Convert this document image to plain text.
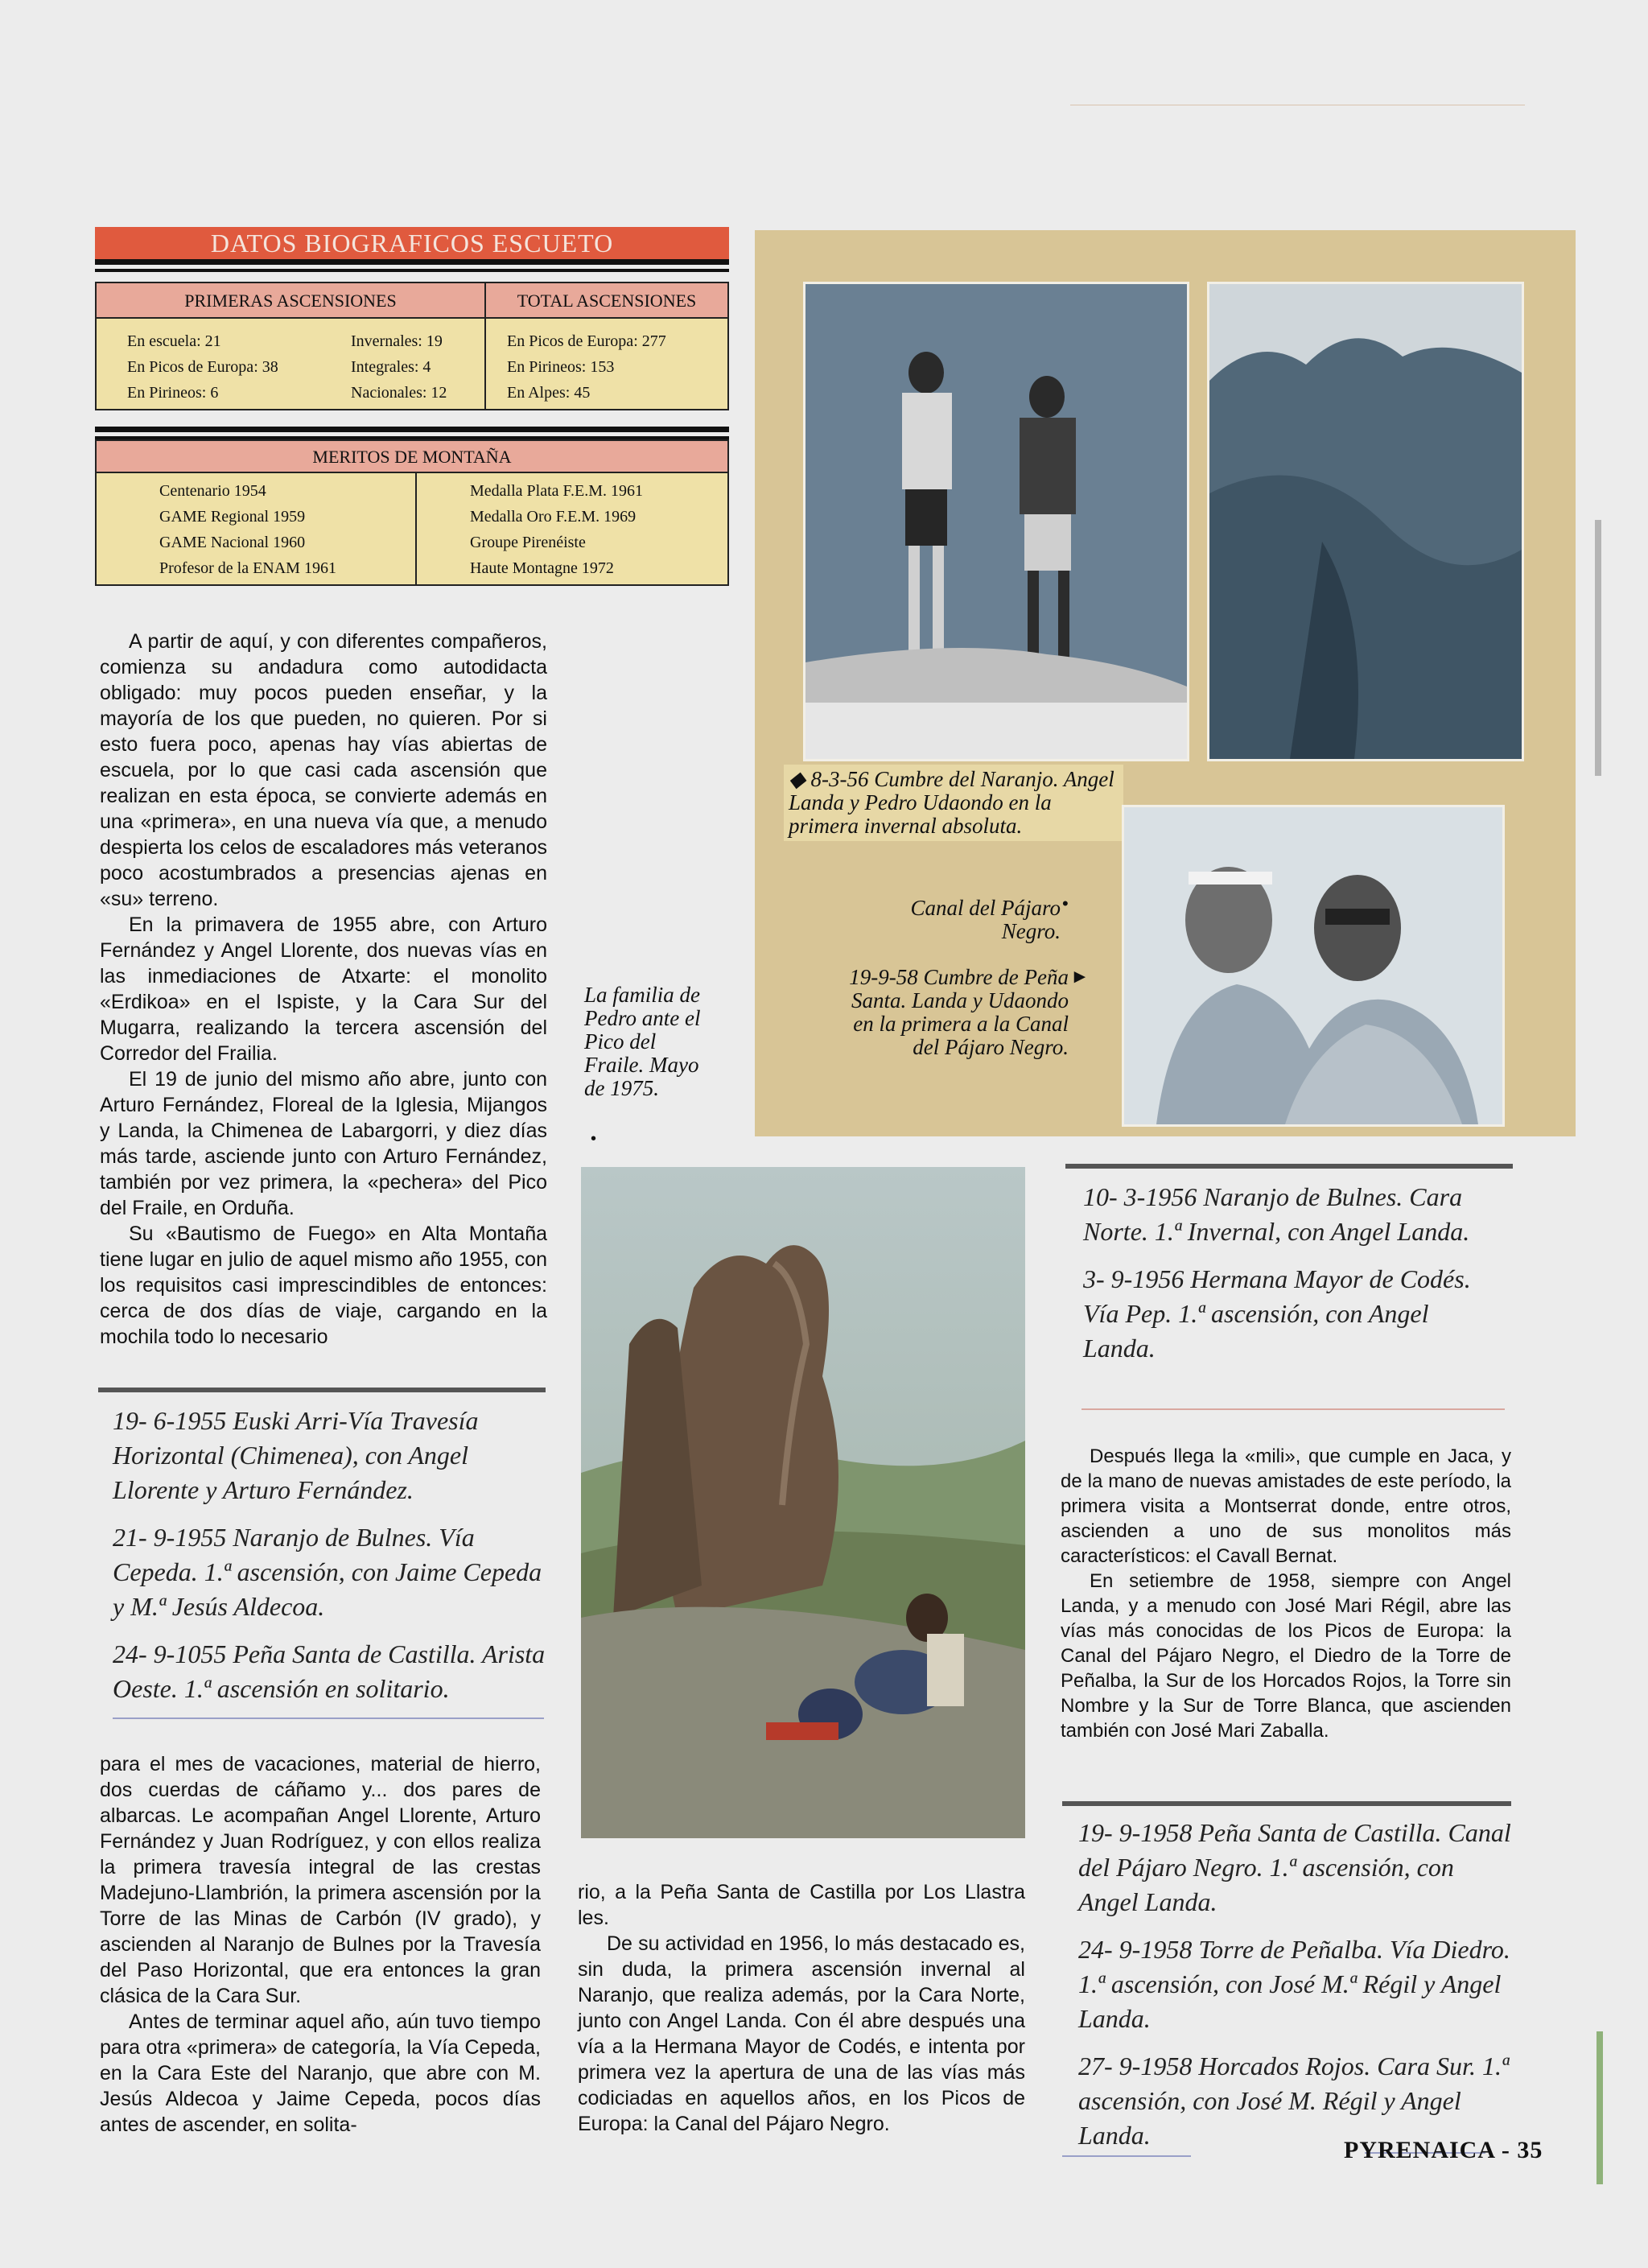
DATOS BIOGRAFICOS ESCUETO
PRIMERAS ASCENSIONES	TOTAL ASCENSIONES
En escuela: 21
En Picos de Europa: 38
En Pirineos: 6
Invernales: 19
Integrales: 4
Nacionales: 12
En Picos de Europa: 277
En Pirineos: 153
En Alpes: 45
MERITOS DE MONTAÑA
Centenario 1954
GAME Regional 1959
GAME Nacional 1960
Profesor de la ENAM 1961
Medalla Plata F.E.M. 1961
Medalla Oro F.E.M. 1969
Groupe Pirenéiste
Haute Montagne 1972

A partir de aquí, y con diferentes compañeros, comienza su andadura como autodidacta obligado: muy pocos pueden enseñar, y la mayoría de los que pueden, no quieren. Por si esto fuera poco, apenas hay vías abiertas de escuela, por lo que casi cada ascensión que realizan en esta época, se convierte además en una «primera», en una nueva vía que, a menudo despierta los celos de escaladores más veteranos poco acostumbrados a presencias ajenas en «su» terreno.

En la primavera de 1955 abre, con Arturo Fernández y Angel Llorente, dos nuevas vías en las inmediaciones de Atxarte: el monolito «Erdikoa» en el Ispiste, y la Cara Sur del Mugarra, realizando la tercera ascensión del Corredor del Frailia.

El 19 de junio del mismo año abre, junto con Arturo Fernández, Floreal de la Iglesia, Mijangos y Landa, la Chimenea de Labargorri, y diez días más tarde, asciende junto con Arturo Fernández, también por vez primera, la «pechera» del Pico del Fraile, en Orduña.

Su «Bautismo de Fuego» en Alta Montaña tiene lugar en julio de aquel mismo año 1955, con los requisitos casi imprescindibles de entonces: cerca de dos días de viaje, cargando en la mochila todo lo necesario

19- 6-1955 Euski Arri-Vía Travesía Horizontal (Chimenea), con Angel Llorente y Arturo Fernández.

21- 9-1955 Naranjo de Bulnes. Vía Cepeda. 1.ª ascensión, con Jaime Cepeda y M.ª Jesús Aldecoa.

24- 9-1055 Peña Santa de Castilla. Arista Oeste. 1.ª ascensión en solitario.

para el mes de vacaciones, material de hierro, dos cuerdas de cáñamo y... dos pares de albarcas. Le acompañan Angel Llorente, Arturo Fernández y Juan Rodríguez, y con ellos realiza la primera travesía integral de las crestas Madejuno-Llambrión, la primera ascensión por la Torre de las Minas de Carbón (IV grado), y ascienden al Naranjo de Bulnes por la Travesía del Paso Horizontal, que era entonces la gran clásica de la Cara Sur.

Antes de terminar aquel año, aún tuvo tiempo para otra «primera» de categoría, la Vía Cepeda, en la Cara Este del Naranjo, que abre con M. Jesús Aldecoa y Jaime Cepeda, pocos días antes de ascender, en solita-

La familia de Pedro ante el Pico del Fraile. Mayo de 1975.
•

rio, a la Peña Santa de Castilla por Los Llastra les.

De su actividad en 1956, lo más destacado es, sin duda, la primera ascensión invernal al Naranjo, que realiza además, por la Cara Norte, junto con Angel Landa. Con él abre después una vía a la Hermana Mayor de Codés, e intenta por primera vez la apertura de una de las vías más codiciadas en aquellos años, en los Picos de Europa: la Canal del Pájaro Negro.

◆ 8-3-56 Cumbre del Naranjo. Angel Landa y Pedro Udaondo en la primera invernal absoluta.
Canal del Pájaro Negro.
•
19-9-58 Cumbre de Peña Santa. Landa y Udaondo en la primera a la Canal del Pájaro Negro.
►

10- 3-1956 Naranjo de Bulnes. Cara Norte. 1.ª Invernal, con Angel Landa.

3- 9-1956 Hermana Mayor de Codés. Vía Pep. 1.ª ascensión, con Angel Landa.

Después llega la «mili», que cumple en Jaca, y de la mano de nuevas amistades de este período, la primera visita a Montserrat donde, entre otros, ascienden a uno de sus monolitos más característicos: el Cavall Bernat.

En setiembre de 1958, siempre con Angel Landa, y a menudo con José Mari Régil, abre las vías más conocidas de los Picos de Europa: la Canal del Pájaro Negro, el Diedro de la Torre de Peñalba, la Sur de los Horcados Rojos, la Torre sin Nombre y la Sur de Torre Blanca, que ascienden también con José Mari Zaballa.

19- 9-1958 Peña Santa de Castilla. Canal del Pájaro Negro. 1.ª ascensión, con Angel Landa.

24- 9-1958 Torre de Peñalba. Vía Diedro. 1.ª ascensión, con José M.ª Régil y Angel Landa.

27- 9-1958 Horcados Rojos. Cara Sur. 1.ª ascensión, con José M. Régil y Angel Landa.

PYRENAICA - 35
